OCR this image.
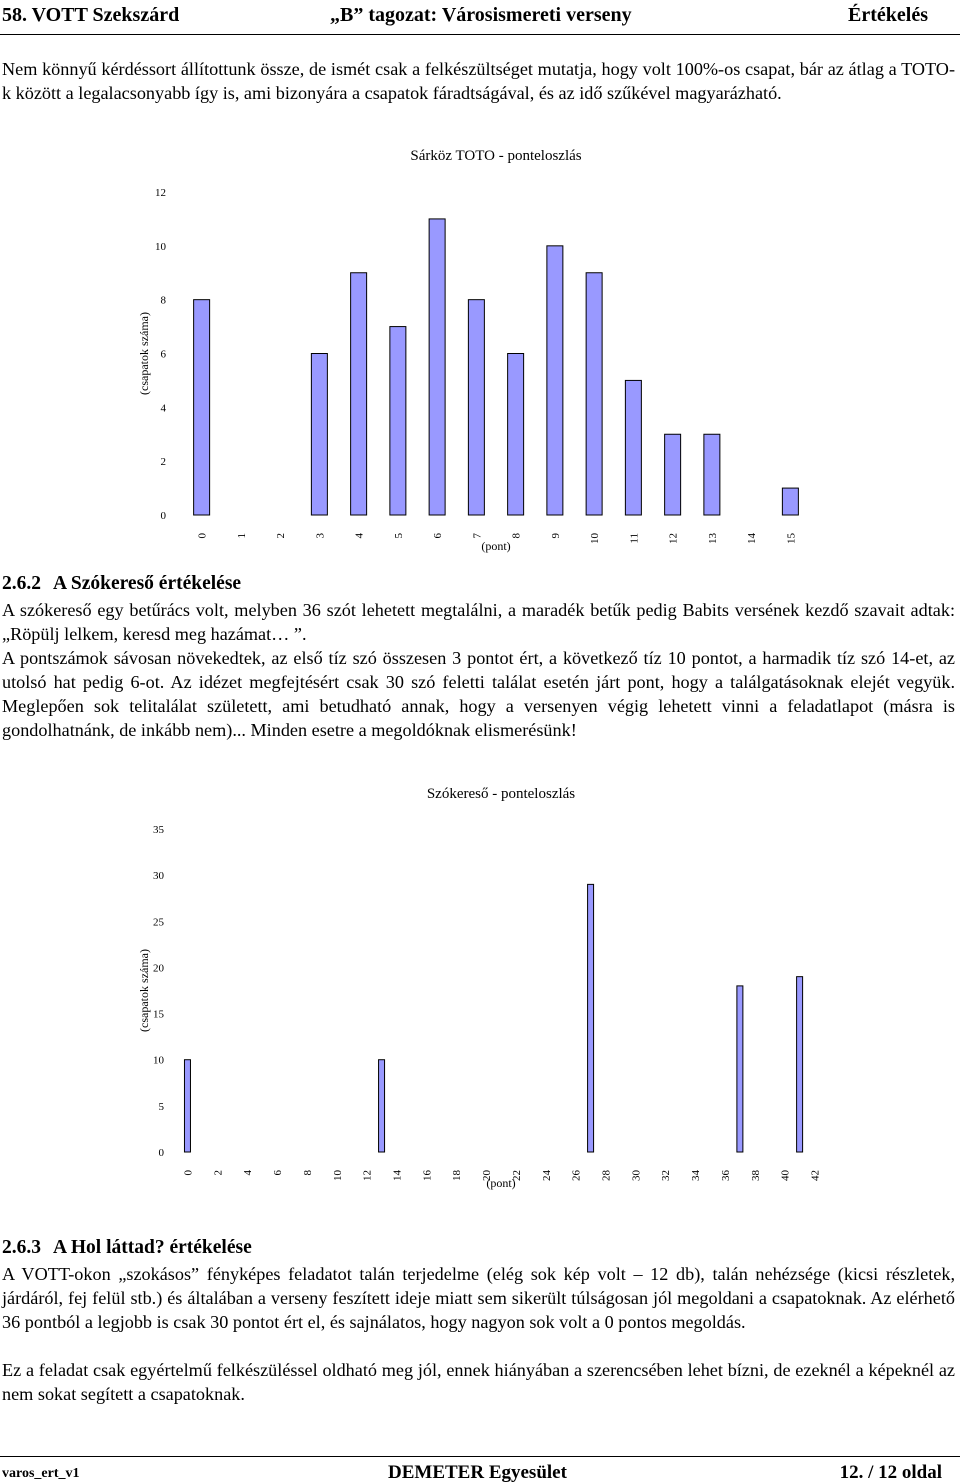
58. VOTT Szekszárd	„B” tagozat: Városismereti verseny	Értékelés

Nem könnyű kérdéssort állítottunk össze, de ismét csak a felkészültséget mutatja, hogy volt 100%-os csapat, bár az átlag a TOTO-k között a legalacsonyabb így is, ami bizonyára a csapatok fáradtságával, és az idő szűkével magyarázható.

Sárköz TOTO - ponteloszlás
0
2
4
6
8
10
12
(csapatok száma)
0 1 2 3 4 5 6 7 8 9 10 11 12 13 14 15
(pont)
2.6.2 A Szókereső értékelése

A szókereső egy betűrács volt, melyben 36 szót lehetett megtalálni, a maradék betűk pedig Babits versének kezdő szavait adtak: „Röpülj lelkem, keresd meg hazámat… ”.

A pontszámok sávosan növekedtek, az első tíz szó összesen 3 pontot ért, a következő tíz 10 pontot, a harmadik tíz szó 14-et, az utolsó hat pedig 6-ot. Az idézet megfejtésért csak 30 szó feletti találat esetén járt pont, hogy a találgatásoknak elejét vegyük. Meglepően sok telitalálat született, ami betudható annak, hogy a versenyen végig lehetett vinni a feladatlapot (másra is gondolhatnánk, de inkább nem)... Minden esetre a megoldóknak elismerésünk!

Szókereső - ponteloszlás
0
5
10
15
20
25
30
35
(csapatok száma)
0 2 4 6 8 10 12 14 16 18 20 22 24 26 28 30 32 34 36 38 40 42
(pont)
2.6.3 A Hol láttad? értékelése

A VOTT-okon „szokásos” fényképes feladatot talán terjedelme (elég sok kép volt – 12 db), talán nehézsége (kicsi részletek, járdáról, fej felül stb.) és általában a verseny feszített ideje miatt sem sikerült túlságosan jól megoldani a csapatoknak. Az elérhető 36 pontból a legjobb is csak 30 pontot ért el, és sajnálatos, hogy nagyon sok volt a 0 pontos megoldás.

Ez a feladat csak egyértelmű felkészüléssel oldható meg jól, ennek hiányában a szerencsében lehet bízni, de ezeknél a képeknél az nem sokat segített a csapatoknak.

varos_ert_v1	DEMETER Egyesület	12. / 12 oldal
